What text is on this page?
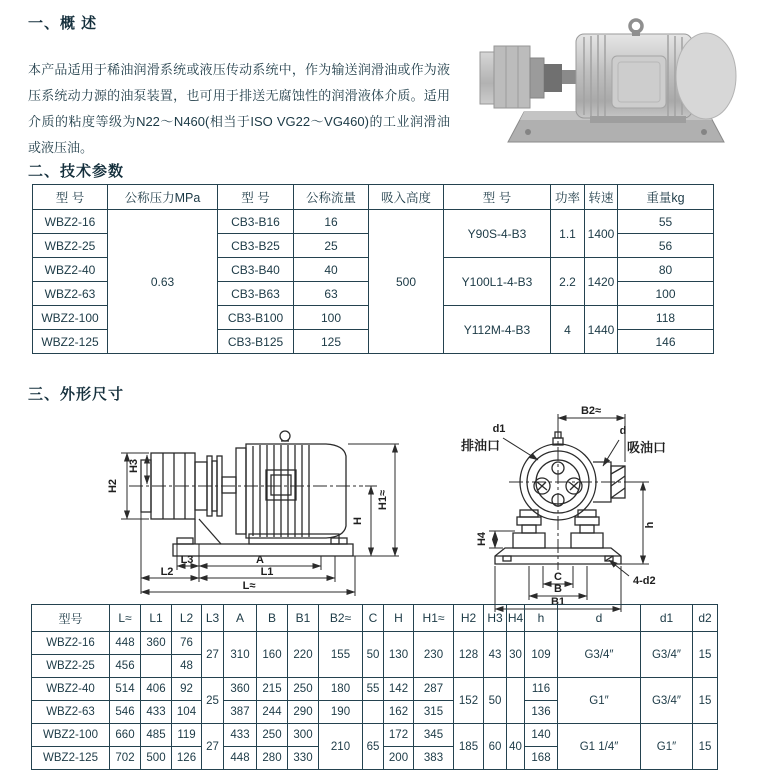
一、概 述

本产品适用于稀油润滑系统或液压传动系统中，作为输送润滑油或作为液压系统动力源的油泵装置，也可用于排送无腐蚀性的润滑液体介质。适用介质的粘度等级为N22～N460(相当于ISO VG22～VG460)的工业润滑油或液压油。

二、技术参数
型 号	公称压力MPa	型 号	公称流量	吸入高度	型 号	功率	转速	重量kg
WBZ2-16	0.63	CB3-B16	16	500	Y90S-4-B3	1.1	1400	55
WBZ2-25		CB3-B25	25					56
WBZ2-40		CB3-B40	40		Y100L1-4-B3	2.2	1420	80
WBZ2-63		CB3-B63	63					100
WBZ2-100		CB3-B100	100		Y112M-4-B3	4	1440	118
WBZ2-125		CB3-B125	125					146
三、外形尺寸
H3
H2
H
H1≈
L3	A
L2	L1
L≈
B2≈
d1
排油口
d
吸油口
H4
h
C
B
B1
4-d2
型号	L≈	L1	L2	L3	A	B	B1	B2≈	C	H	H1≈	H2	H3	H4	h	d	d1	d2
WBZ2-16	448	360	76	27	310	160	220	155	50	130	230	128	43	30	109	G3/4″	G3/4″	15
WBZ2-25	456		48															
WBZ2-40	514	406	92	25	360	215	250	180	55	142	287	152	50		116	G1″	G3/4″	15
WBZ2-63	546	433	104		387	244	290	190		162	315				136			
WBZ2-100	660	485	119	27	433	250	300	210	65	172	345	185	60	40	140	G1 1/4″	G1″	15
WBZ2-125	702	500	126		448	280	330			200	383				168			
